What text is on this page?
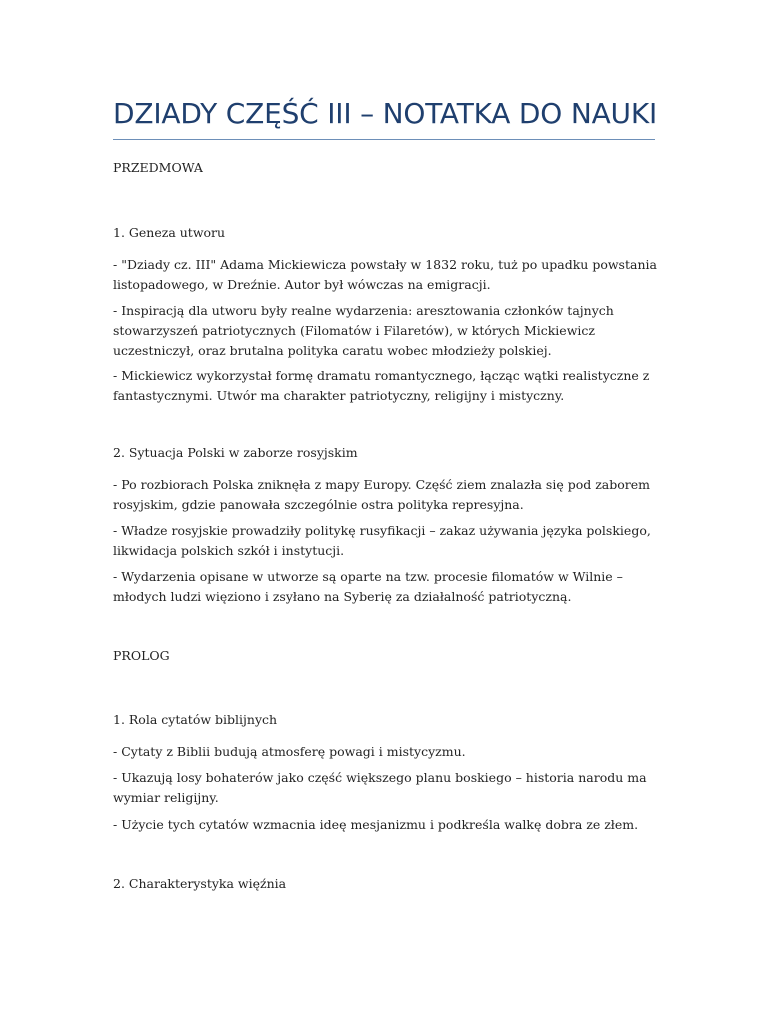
DZIADY CZĘŚĆ III – NOTATKA DO NAUKI

PRZEDMOWA

1. Geneza utworu

- "Dziady cz. III" Adama Mickiewicza powstały w 1832 roku, tuż po upadku powstania listopadowego, w Dreźnie. Autor był wówczas na emigracji.

- Inspiracją dla utworu były realne wydarzenia: aresztowania członków tajnych stowarzyszeń patriotycznych (Filomatów i Filaretów), w których Mickiewicz uczestniczył, oraz brutalna polityka caratu wobec młodzieży polskiej.

- Mickiewicz wykorzystał formę dramatu romantycznego, łącząc wątki realistyczne z fantastycznymi. Utwór ma charakter patriotyczny, religijny i mistyczny.

2. Sytuacja Polski w zaborze rosyjskim

- Po rozbiorach Polska zniknęła z mapy Europy. Część ziem znalazła się pod zaborem rosyjskim, gdzie panowała szczególnie ostra polityka represyjna.

- Władze rosyjskie prowadziły politykę rusyfikacji – zakaz używania języka polskiego, likwidacja polskich szkół i instytucji.

- Wydarzenia opisane w utworze są oparte na tzw. procesie filomatów w Wilnie – młodych ludzi więziono i zsyłano na Syberię za działalność patriotyczną.

PROLOG

1. Rola cytatów biblijnych

- Cytaty z Biblii budują atmosferę powagi i mistycyzmu.

- Ukazują losy bohaterów jako część większego planu boskiego – historia narodu ma wymiar religijny.

- Użycie tych cytatów wzmacnia ideę mesjanizmu i podkreśla walkę dobra ze złem.

2. Charakterystyka więźnia
